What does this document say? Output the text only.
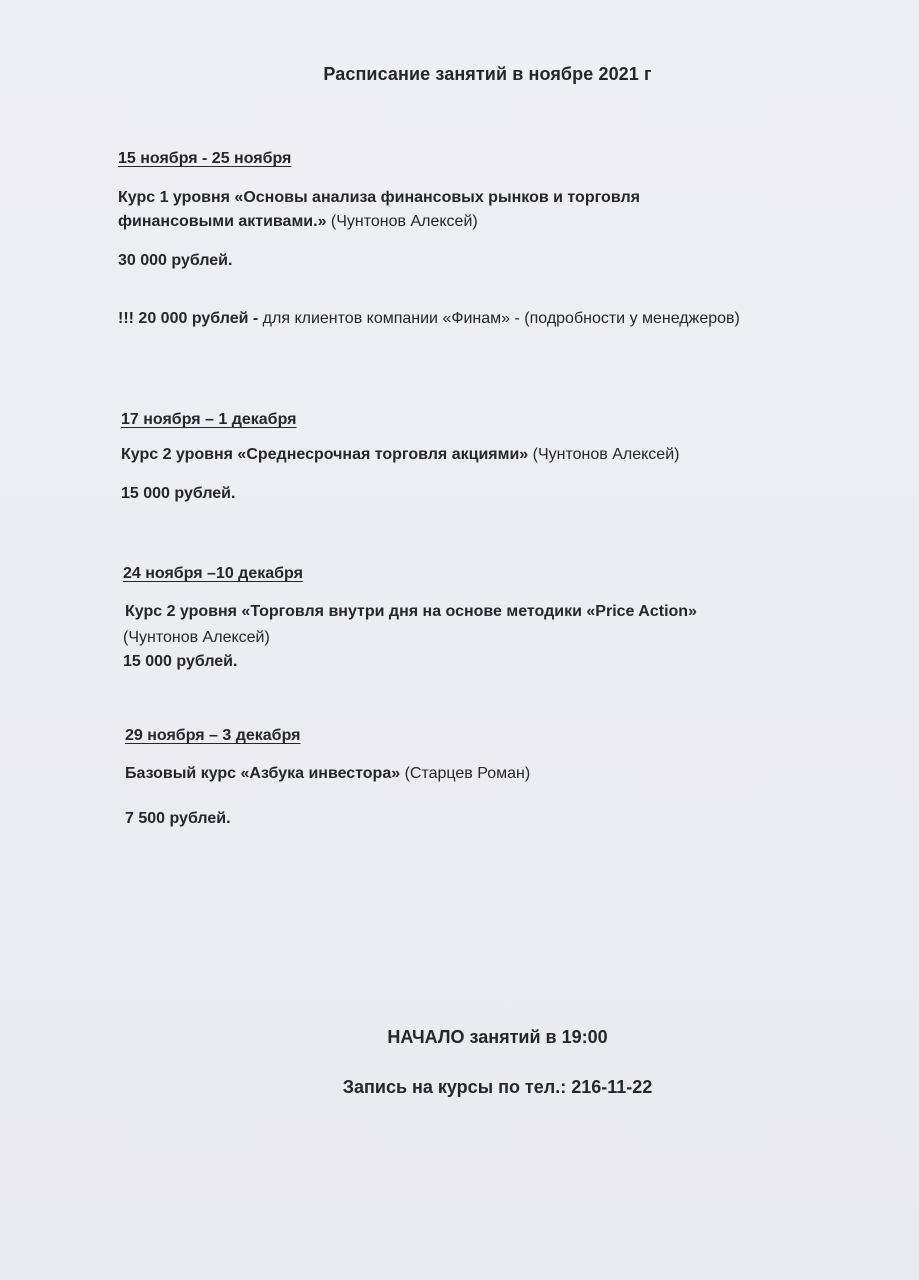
Расписание занятий в ноябре 2021 г
15 ноября - 25 ноября
Курс 1 уровня «Основы анализа финансовых рынков и торговля
финансовыми активами.» (Чунтонов Алексей)
30 000 рублей.
!!! 20 000 рублей - для клиентов компании «Финам» - (подробности у менеджеров)
17 ноября – 1 декабря
Курс 2 уровня «Среднесрочная торговля акциями» (Чунтонов Алексей)
15 000 рублей.
24 ноября –10 декабря
Курс 2 уровня «Торговля внутри дня на основе методики «Price Action»
(Чунтонов Алексей)
15 000 рублей.
29 ноября – 3 декабря
Базовый курс «Азбука инвестора» (Старцев Роман)
7 500 рублей.
НАЧАЛО занятий в 19:00
Запись на курсы по тел.: 216-11-22
